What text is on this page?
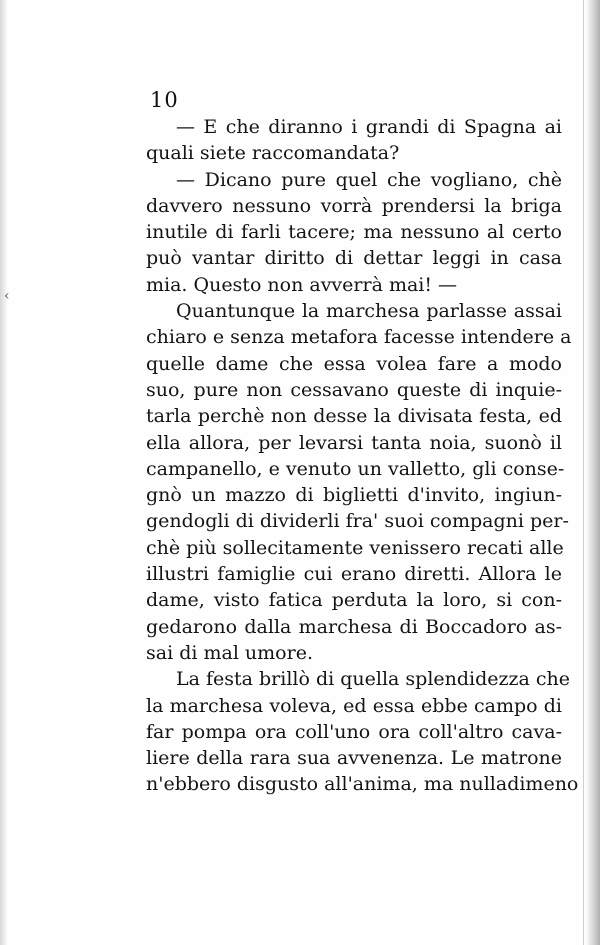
‹
10
— E che diranno i grandi di Spagna ai
quali siete raccomandata?
— Dicano pure quel che vogliano, chè
davvero nessuno vorrà prendersi la briga
inutile di farli tacere; ma nessuno al certo
può vantar diritto di dettar leggi in casa
mia. Questo non avverrà mai! —
Quantunque la marchesa parlasse assai
chiaro e senza metafora facesse intendere a
quelle dame che essa volea fare a modo
suo, pure non cessavano queste di inquie-
tarla perchè non desse la divisata festa, ed
ella allora, per levarsi tanta noia, suonò il
campanello, e venuto un valletto, gli conse-
gnò un mazzo di biglietti d'invito, ingiun-
gendogli di dividerli fra' suoi compagni per-
chè più sollecitamente venissero recati alle
illustri famiglie cui erano diretti. Allora le
dame, visto fatica perduta la loro, si con-
gedarono dalla marchesa di Boccadoro as-
sai di mal umore.
La festa brillò di quella splendidezza che
la marchesa voleva, ed essa ebbe campo di
far pompa ora coll'uno ora coll'altro cava-
liere della rara sua avvenenza. Le matrone
n'ebbero disgusto all'anima, ma nulladimeno
